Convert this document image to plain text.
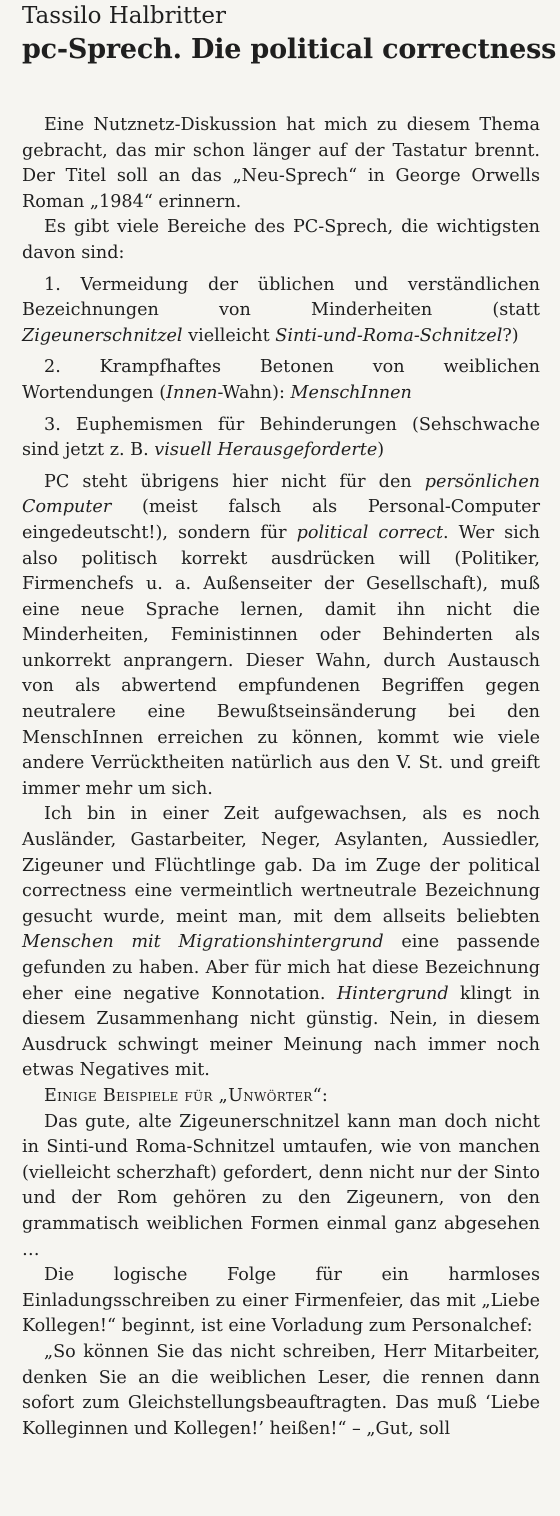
Tassilo Halbritter
pc-Sprech. Die political correctness

Eine Nutznetz-Diskussion hat mich zu diesem Thema gebracht, das mir schon länger auf der Tastatur brennt. Der Titel soll an das „Neu-Sprech“ in George Orwells Roman „1984“ erinnern.

Es gibt viele Bereiche des PC-Sprech, die wichtigsten davon sind:

1. Vermeidung der üblichen und verständlichen Bezeichnungen von Minderheiten (statt Zigeunerschnitzel vielleicht Sinti-und-Roma-Schnitzel?)

2. Krampfhaftes Betonen von weiblichen Wortendungen (Innen-Wahn): MenschInnen

3. Euphemismen für Behinderungen (Sehschwache sind jetzt z. B. visuell Herausgeforderte)

PC steht übrigens hier nicht für den persönlichen Computer (meist falsch als Personal-Computer eingedeutscht!), sondern für political correct. Wer sich also politisch korrekt ausdrücken will (Politiker, Firmenchefs u. a. Außenseiter der Gesellschaft), muß eine neue Sprache lernen, damit ihn nicht die Minderheiten, Feministinnen oder Behinderten als unkorrekt anprangern. Dieser Wahn, durch Austausch von als abwertend empfundenen Begriffen gegen neutralere eine Bewußtseinsänderung bei den MenschInnen erreichen zu können, kommt wie viele andere Verrücktheiten natürlich aus den V. St. und greift immer mehr um sich.

Ich bin in einer Zeit aufgewachsen, als es noch Ausländer, Gastarbeiter, Neger, Asylanten, Aussiedler, Zigeuner und Flüchtlinge gab. Da im Zuge der political correctness eine vermeintlich wertneutrale Bezeichnung gesucht wurde, meint man, mit dem allseits beliebten Menschen mit Migrationshintergrund eine passende gefunden zu haben. Aber für mich hat diese Bezeichnung eher eine negative Konnotation. Hintergrund klingt in diesem Zusammenhang nicht günstig. Nein, in diesem Ausdruck schwingt meiner Meinung nach immer noch etwas Negatives mit.

Einige Beispiele für „Unwörter“:

Das gute, alte Zigeunerschnitzel kann man doch nicht in Sinti-und Roma-Schnitzel umtaufen, wie von manchen (vielleicht scherzhaft) gefordert, denn nicht nur der Sinto und der Rom gehören zu den Zigeunern, von den grammatisch weiblichen Formen einmal ganz abgesehen …

Die logische Folge für ein harmloses Einladungsschreiben zu einer Firmenfeier, das mit „Liebe Kollegen!“ beginnt, ist eine Vorladung zum Personalchef:

„So können Sie das nicht schreiben, Herr Mitarbeiter, denken Sie an die weiblichen Leser, die rennen dann sofort zum Gleichstellungsbeauftragten. Das muß ‘Liebe Kolleginnen und Kollegen!’ heißen!“ – „Gut, soll
